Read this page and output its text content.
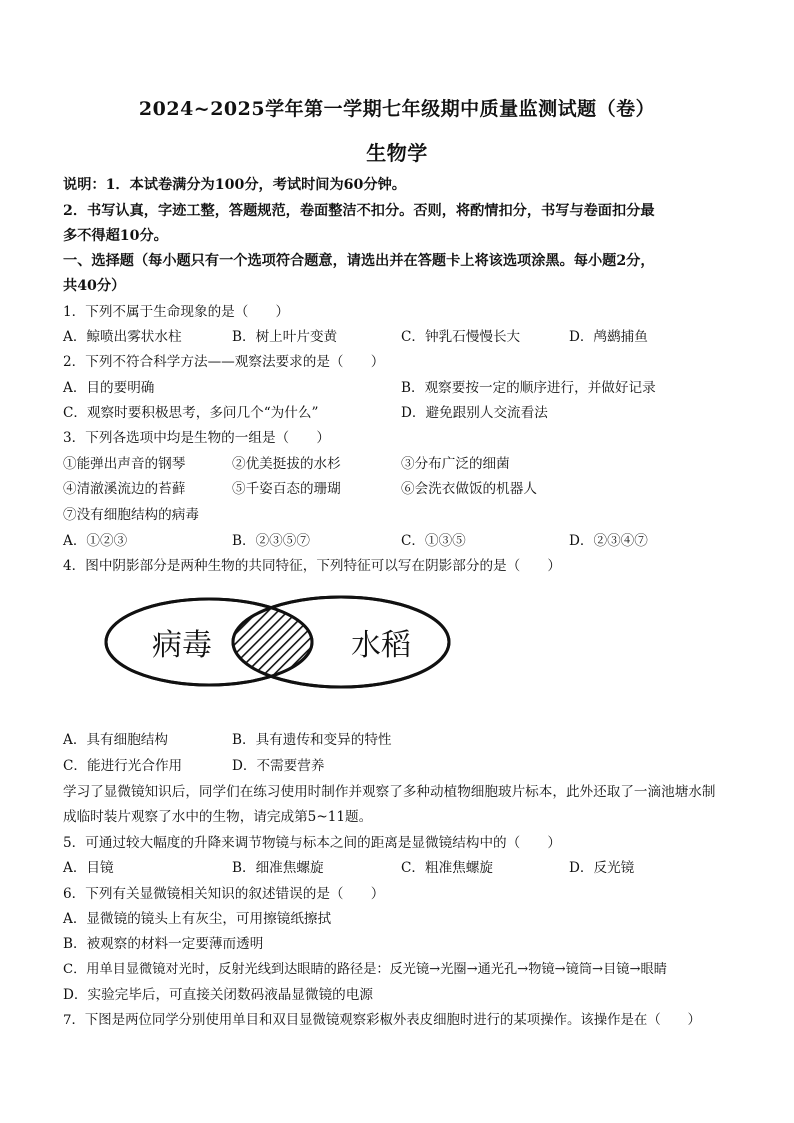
2024~2025学年第一学期七年级期中质量监测试题（卷）
生物学
说明：1．本试卷满分为100分，考试时间为60分钟。
2．书写认真，字迹工整，答题规范，卷面整洁不扣分。否则，将酌情扣分，书写与卷面扣分最
多不得超10分。
一、选择题（每小题只有一个选项符合题意，请选出并在答题卡上将该选项涂黑。每小题2分，
共40分）
1．下列不属于生命现象的是（　　）
A．鲸喷出雾状水柱	B．树上叶片变黄	C．钟乳石慢慢长大	D．鸬鹚捕鱼
2．下列不符合科学方法——观察法要求的是（　　）
A．目的要明确	B．观察要按一定的顺序进行，并做好记录
C．观察时要积极思考，多问几个“为什么”	D．避免跟别人交流看法
3．下列各选项中均是生物的一组是（　　）
①能弹出声音的钢琴	②优美挺拔的水杉	③分布广泛的细菌
④清澈溪流边的苔藓	⑤千姿百态的珊瑚	⑥会洗衣做饭的机器人
⑦没有细胞结构的病毒
A．①②③	B．②③⑤⑦	C．①③⑤	D．②③④⑦
4．图中阴影部分是两种生物的共同特征，下列特征可以写在阴影部分的是（　　）
病毒	水稻
A．具有细胞结构	B．具有遗传和变异的特性
C．能进行光合作用	D．不需要营养
学习了显微镜知识后，同学们在练习使用时制作并观察了多种动植物细胞玻片标本，此外还取了一滴池塘水制
成临时装片观察了水中的生物，请完成第5~11题。
5．可通过较大幅度的升降来调节物镜与标本之间的距离是显微镜结构中的（　　）
A．目镜	B．细准焦螺旋	C．粗准焦螺旋	D．反光镜
6．下列有关显微镜相关知识的叙述错误的是（　　）
A．显微镜的镜头上有灰尘，可用擦镜纸擦拭
B．被观察的材料一定要薄而透明
C．用单目显微镜对光时，反射光线到达眼睛的路径是：反光镜→光圈→通光孔→物镜→镜筒→目镜→眼睛
D．实验完毕后，可直接关闭数码液晶显微镜的电源
7．下图是两位同学分别使用单目和双目显微镜观察彩椒外表皮细胞时进行的某项操作。该操作是在（　　）
